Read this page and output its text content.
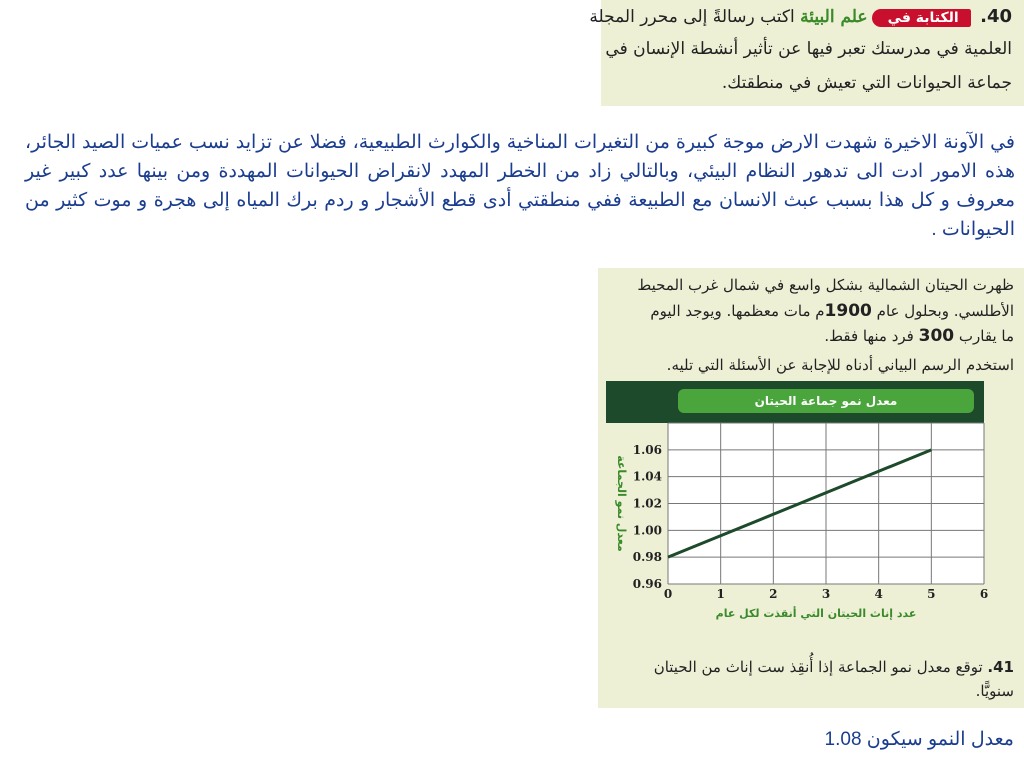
40. الكتابة فيعلم البيئة اكتب رسالةً إلى محرر المجلة
العلمية في مدرستك تعبر فيها عن تأثير أنشطة الإنسان في
جماعة الحيوانات التي تعيش في منطقتك.
في الآونة الاخيرة شهدت الارض موجة كبيرة من التغيرات المناخية والكوارث الطبيعية، فضلا عن تزايد نسب عميات الصيد الجائر، هذه الامور ادت الى تدهور النظام البيئي، وبالتالي زاد من الخطر المهدد لانقراض الحيوانات المهددة ومن بينها عدد كبير غير معروف و كل هذا بسبب عبث الانسان مع الطبيعة ففي منطقتي أدى قطع الأشجار و ردم برك المياه إلى هجرة و موت كثير من الحيوانات .
ظهرت الحيتان الشمالية بشكل واسع في شمال غرب المحيط
الأطلسي. وبحلول عام 1900م مات معظمها. ويوجد اليوم
ما يقارب 300 فرد منها فقط.
استخدم الرسم البياني أدناه للإجابة عن الأسئلة التي تليه.
41. توقع معدل نمو الجماعة إذا أُنقِذ ست إناث من الحيتان
سنويًّا.
معدل نمو جماعة الحيتان
0	1	2	3	4	5	6
0.96
0.98
1.00
1.02
1.04
1.06
عدد إناث الحيتان التي أنقذت لكل عام
معدل نمو الجماعة
معدل النمو سيكون 1.08
